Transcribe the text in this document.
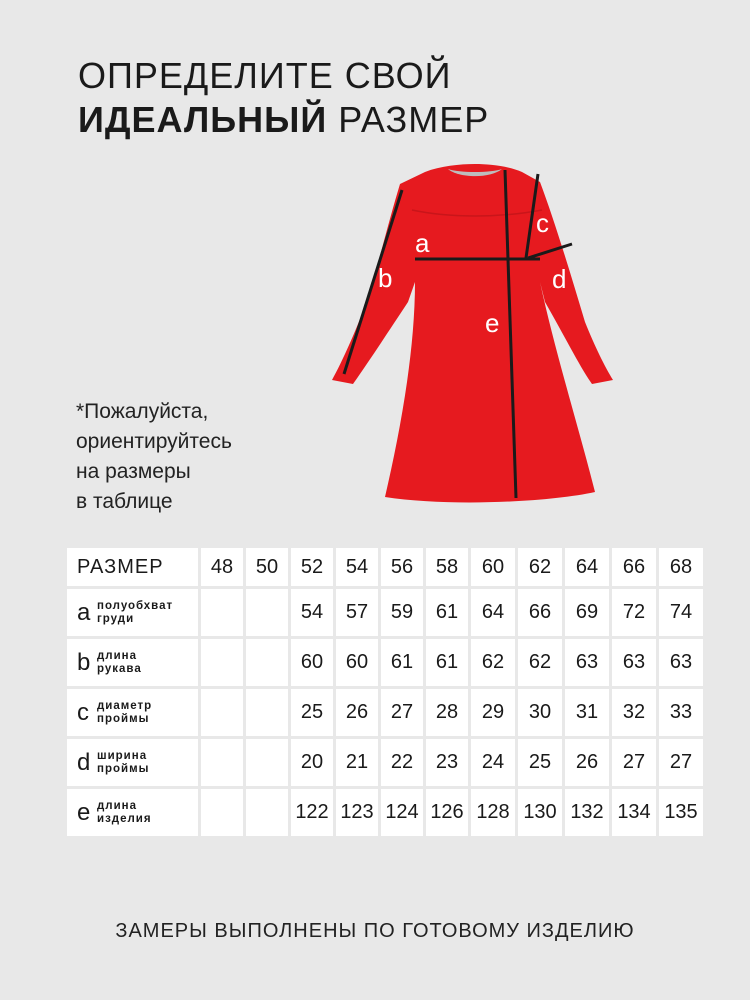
ОПРЕДЕЛИТЕ СВОЙ
ИДЕАЛЬНЫЙ РАЗМЕР
*Пожалуйста,
ориентируйтесь
на размеры
в таблице
a
b
c
d
e
РАЗМЕР	48	50	52	54	56	58	60	62	64	66	68

a полуобхват
груди			54	57	59	61	64	66	69	72	74

b длина
рукава			60	60	61	61	62	62	63	63	63

c диаметр
проймы			25	26	27	28	29	30	31	32	33

d ширина
проймы			20	21	22	23	24	25	26	27	27

e длина
изделия			122	123	124	126	128	130	132	134	135
ЗАМЕРЫ ВЫПОЛНЕНЫ ПО ГОТОВОМУ ИЗДЕЛИЮ
